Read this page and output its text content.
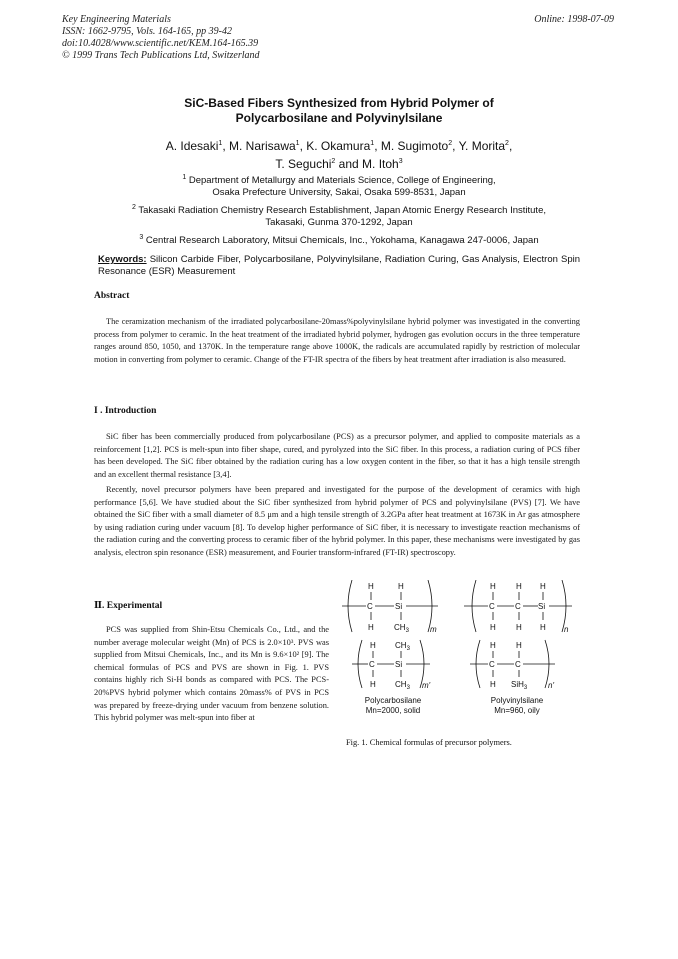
Key Engineering Materials
ISSN: 1662-9795, Vols. 164-165, pp 39-42
doi:10.4028/www.scientific.net/KEM.164-165.39
© 1999 Trans Tech Publications Ltd, Switzerland
Online: 1998-07-09
SiC-Based Fibers Synthesized from Hybrid Polymer of
Polycarbosilane and Polyvinylsilane
A. Idesaki$^1$, M. Narisawa$^1$, K. Okamura$^1$, M. Sugimoto$^2$, Y. Morita$^2$,
T. Seguchi$^2$ and M. Itoh$^3$
$^1$ Department of Metallurgy and Materials Science, College of Engineering,
Osaka Prefecture University, Sakai, Osaka 599-8531, Japan
$^2$ Takasaki Radiation Chemistry Research Establishment, Japan Atomic Energy Research Institute,
Takasaki, Gunma 370-1292, Japan
$^3$ Central Research Laboratory, Mitsui Chemicals, Inc., Yokohama, Kanagawa 247-0006, Japan
Keywords: Silicon Carbide Fiber, Polycarbosilane, Polyvinylsilane, Radiation Curing, Gas Analysis, Electron Spin Resonance (ESR) Measurement
Abstract

The ceramization mechanism of the irradiated polycarbosilane-20mass%polyvinylsilane hybrid polymer was investigated in the converting process from polymer to ceramic. In the heat treatment of the irradiated hybrid polymer, hydrogen gas evolution occurs in the three temperature ranges around 850, 1050, and 1370K. In the temperature range above 1000K, the radicals are accumulated rapidly by restriction of molecular motion in converting from polymer to ceramic. Change of the FT-IR spectra of the fibers by heat treatment after irradiation is also measured.

I . Introduction

SiC fiber has been commercially produced from polycarbosilane (PCS) as a precursor polymer, and applied to composite materials as a reinforcement [1,2]. PCS is melt-spun into fiber shape, cured, and pyrolyzed into the SiC fiber. In this process, a radiation curing of PCS fiber has been developed. The SiC fiber obtained by the radiation curing has a low oxygen content in the fiber, so that it has a high tensile strength and an excellent thermal resistance [3,4].

Recently, novel precursor polymers have been prepared and investigated for the purpose of the development of ceramics with high performance [5,6]. We have studied about the SiC fiber synthesized from hybrid polymer of PCS and polyvinylsilane (PVS) [7]. We have obtained the SiC fiber with a small diameter of 8.5 μm and a high tensile strength of 3.2GPa after heat treatment at 1673K in Ar gas atmosphere by using radiation curing under vacuum [8]. To develop higher performance of SiC fiber, it is necessary to investigate reaction mechanisms of the radiation curing and the converting process to ceramic fiber of the hybrid polymer. In this paper, these mechanisms were investigated by gas analysis, electron spin resonance (ESR) measurement, and Fourier transform-infrared (FT-IR) spectroscopy.

Ⅱ. Experimental

PCS was supplied from Shin-Etsu Chemicals Co., Ltd., and the number average molecular weight (Mn) of PCS is 2.0×10³. PVS was supplied from Mitsui Chemicals, Inc., and its Mn is 9.6×10² [9]. The chemical formulas of PCS and PVS are shown in Fig. 1. PVS contains highly rich Si-H bonds as compared with PCS. The PCS-20%PVS hybrid polymer which contains 20mass% of PVS in PCS was prepared by freeze-drying under vacuum from benzene solution. This hybrid polymer was melt-spun into fiber at

H	H
C	Si
H	$CH_3$	m
H	H H
C	C Si
H	H H n
H $CH_3$
C	Si
H $CH_3$ m'
H	H
C	C
H SiH$_3$	n'
Polycarbosilane
Mn=2000, solid
Polyvinylsilane
Mn=960, oily
Fig. 1. Chemical formulas of precursor polymers.
